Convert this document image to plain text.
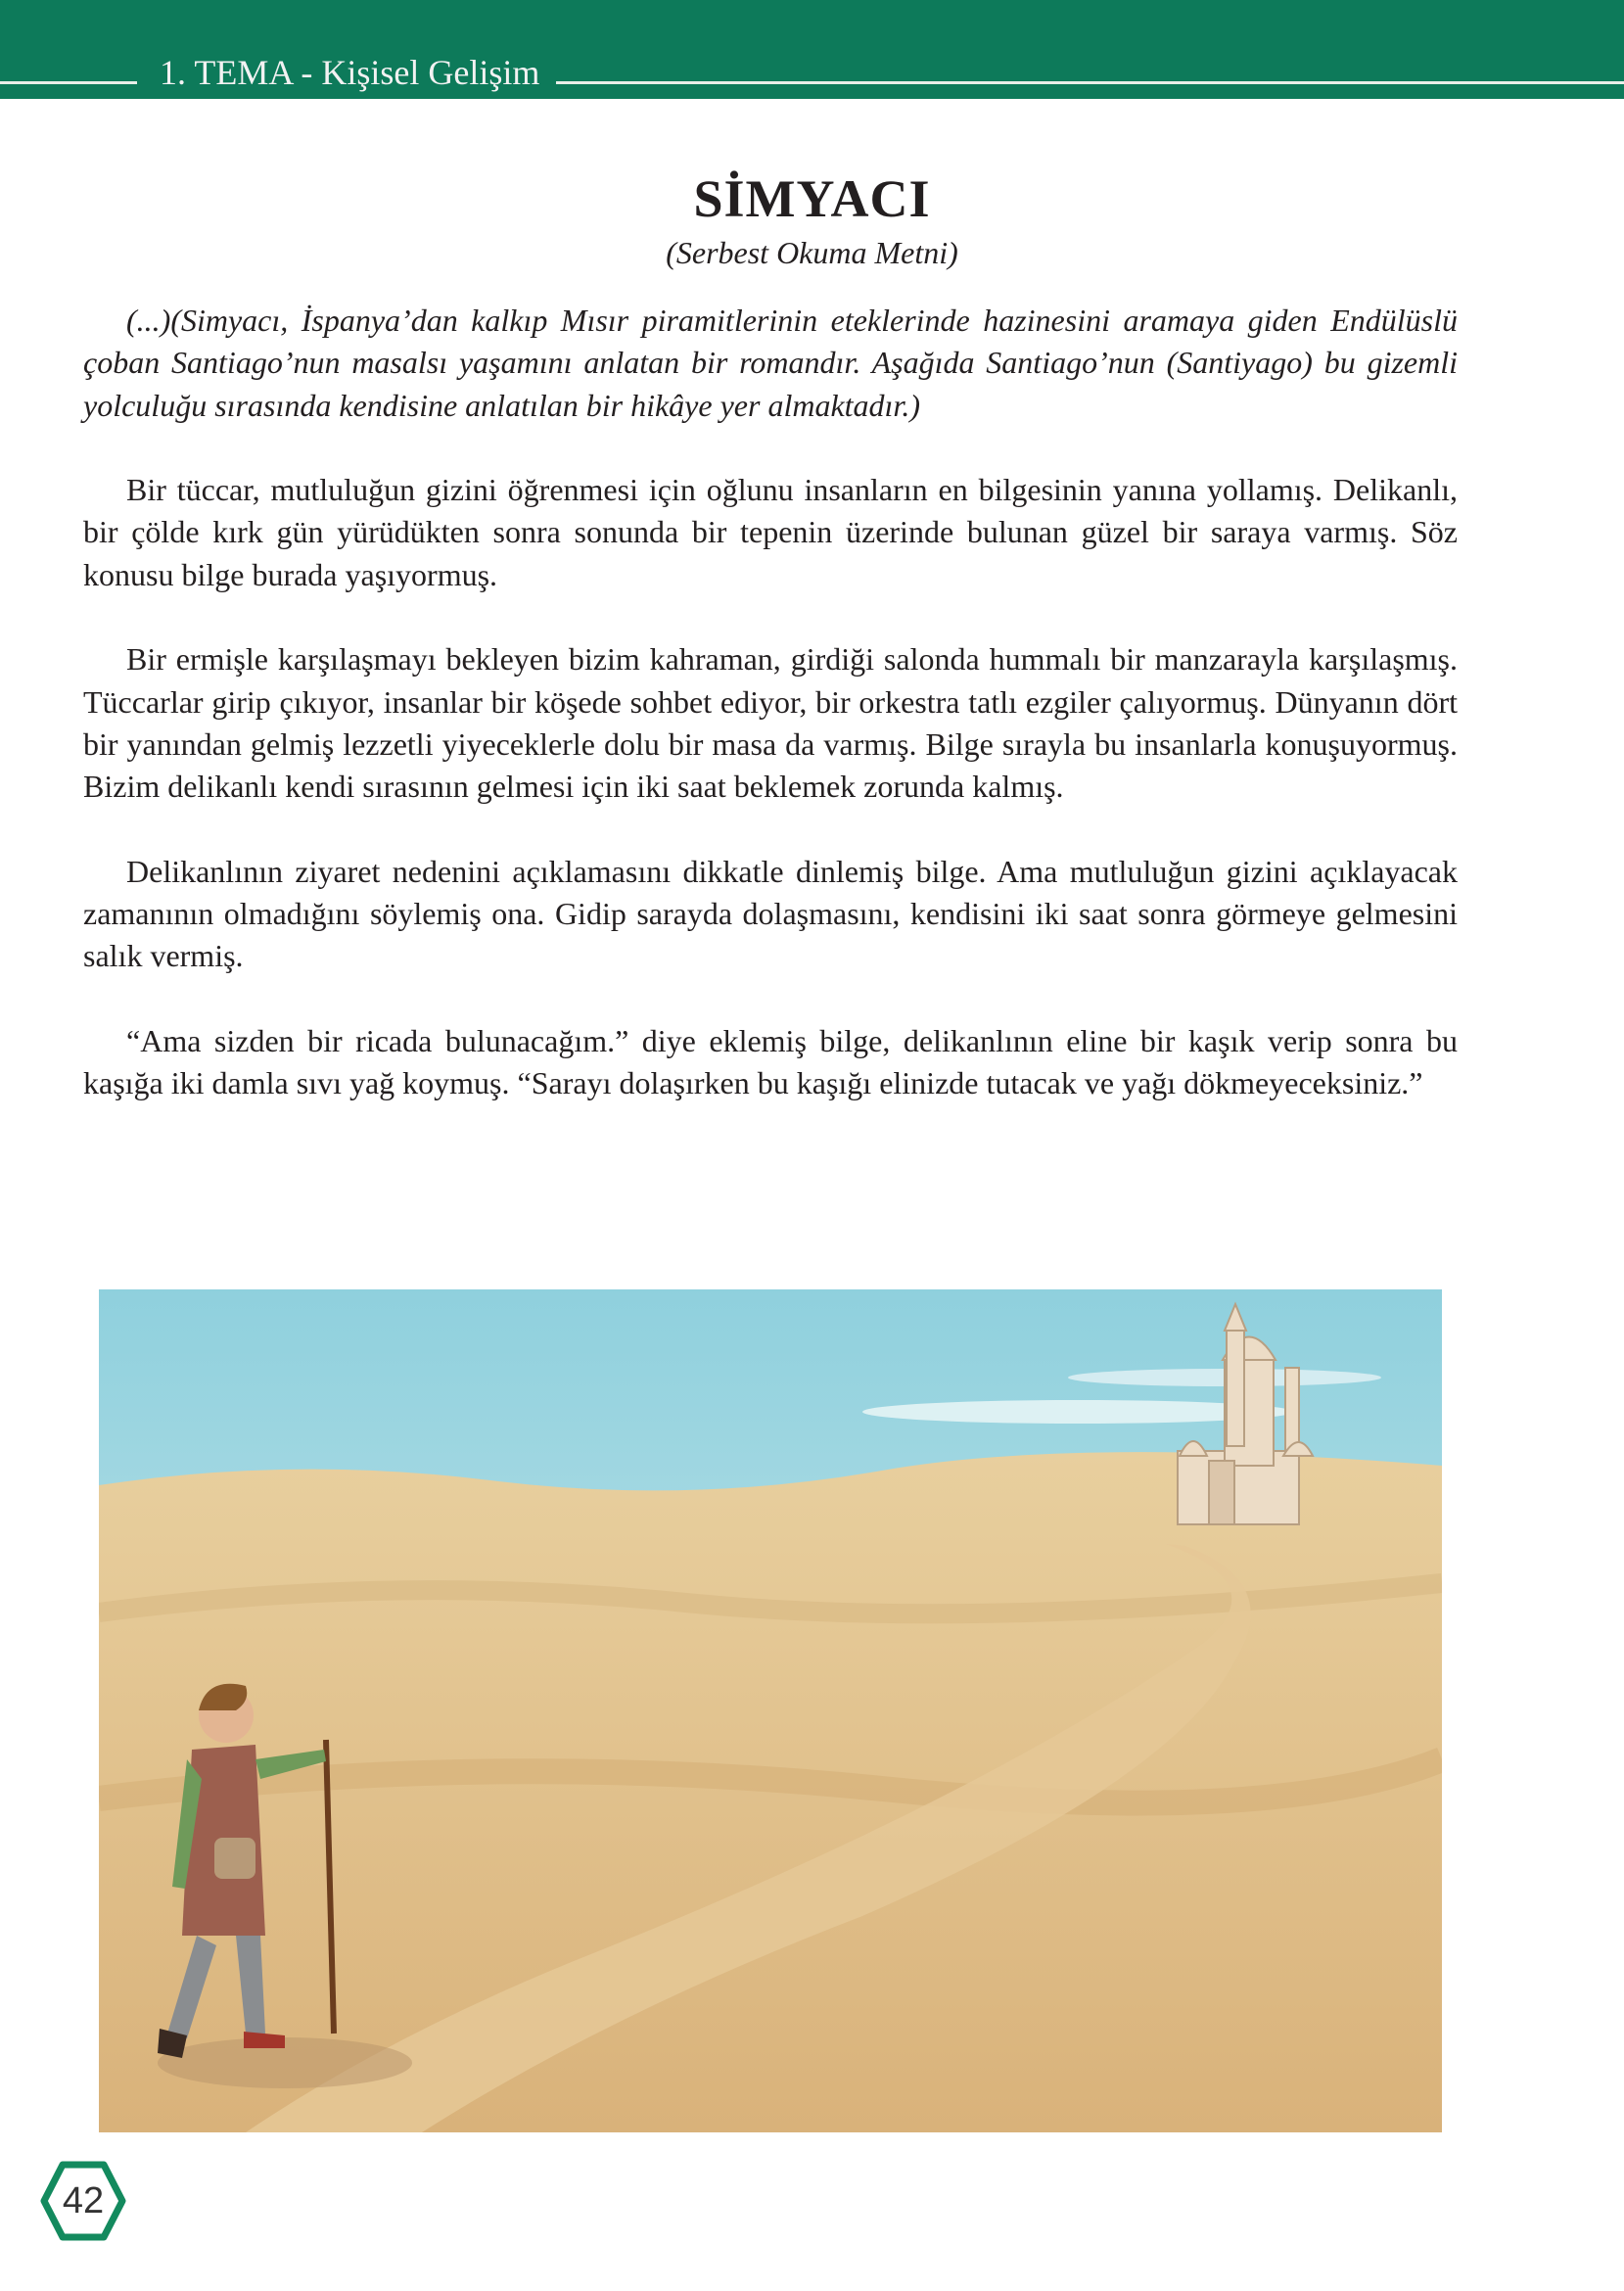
1. TEMA - Kişisel Gelişim
SİMYACI
(Serbest Okuma Metni)

(...)(Simyacı, İspanya’dan kalkıp Mısır piramitlerinin eteklerinde hazinesini aramaya giden Endülüslü çoban Santiago’nun masalsı yaşamını anlatan bir romandır. Aşağıda Santiago’nun (Santiyago) bu gizemli yolculuğu sırasında kendisine anlatılan bir hikâye yer almaktadır.)

Bir tüccar, mutluluğun gizini öğrenmesi için oğlunu insanların en bilgesinin yanına yollamış. Delikanlı, bir çölde kırk gün yürüdükten sonra sonunda bir tepenin üzerinde bulunan güzel bir saraya varmış. Söz konusu bilge burada yaşıyormuş.

Bir ermişle karşılaşmayı bekleyen bizim kahraman, girdiği salonda hummalı bir manzarayla karşılaşmış. Tüccarlar girip çıkıyor, insanlar bir köşede sohbet ediyor, bir orkestra tatlı ezgiler çalıyormuş. Dünyanın dört bir yanından gelmiş lezzetli yiyeceklerle dolu bir masa da varmış. Bilge sırayla bu insanlarla konuşuyormuş. Bizim delikanlı kendi sırasının gelmesi için iki saat beklemek zorunda kalmış.

Delikanlının ziyaret nedenini açıklamasını dikkatle dinlemiş bilge. Ama mutluluğun gizini açıklayacak zamanının olmadığını söylemiş ona. Gidip sarayda dolaşmasını, kendisini iki saat sonra görmeye gelmesini salık vermiş.

“Ama sizden bir ricada bulunacağım.” diye eklemiş bilge, delikanlının eline bir kaşık verip sonra bu kaşığa iki damla sıvı yağ koymuş. “Sarayı dolaşırken bu kaşığı elinizde tutacak ve yağı dökmeyeceksiniz.”

42
